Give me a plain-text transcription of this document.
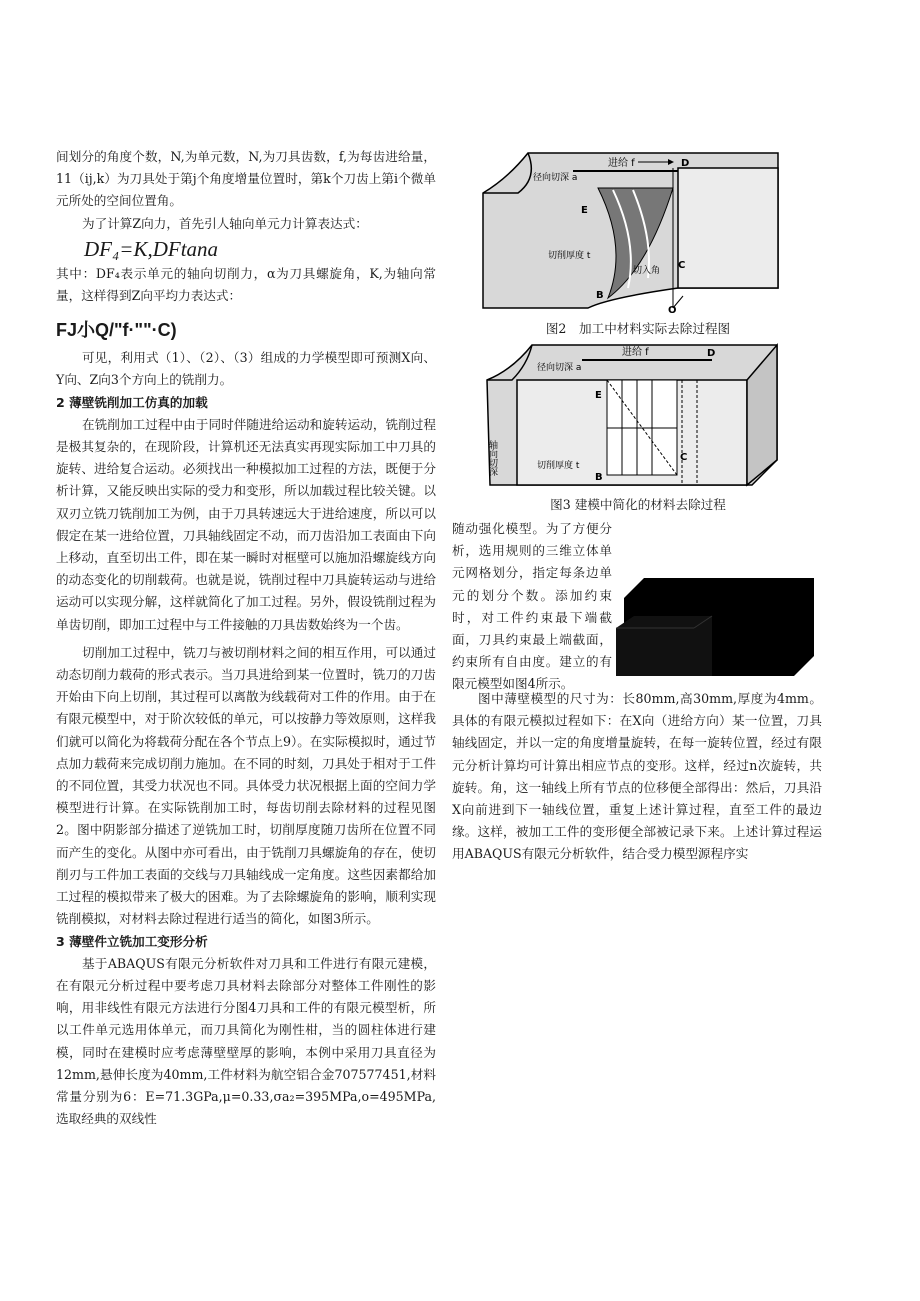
间划分的角度个数，N,为单元数，N,为刀具齿数，f,为每齿进给量，11（ij,k）为刀具处于第j个角度增量位置时，第k个刀齿上第i个微单元所处的空间位置角。

为了计算Z向力，首先引人轴向单元力计算表达式：

DF₄=K,DFtana

其中：DF₄表示单元的轴向切削力，α为刀具螺旋角，K,为轴向常量，这样得到Z向平均力表达式：

FJ小Q/"f·""·C)

可见，利用式（1）、（2）、（3）组成的力学模型即可预测X向、Y向、Z向3个方向上的铣削力。

2 薄壁铣削加工仿真的加载

在铣削加工过程中由于同时伴随进给运动和旋转运动，铣削过程是极其复杂的，在现阶段，计算机还无法真实再现实际加工中刀具的旋转、进给复合运动。必须找出一种模拟加工过程的方法，既便于分析计算，又能反映出实际的受力和变形，所以加载过程比较关键。以双刃立铣刀铣削加工为例，由于刀具转速远大于进给速度，所以可以假定在某一进给位置，刀具轴线固定不动，而刀齿沿加工表面由下向上移动，直至切出工件，即在某一瞬时对框壁可以施加沿螺旋线方向的动态变化的切削载荷。也就是说，铣削过程中刀具旋转运动与进给运动可以实现分解，这样就简化了加工过程。另外，假设铣削过程为单齿切削，即加工过程中与工件接触的刀具齿数始终为一个齿。

切削加工过程中，铣刀与被切削材料之间的相互作用，可以通过动态切削力载荷的形式表示。当刀具进给到某一位置时，铣刀的刀齿开始由下向上切削，其过程可以离散为线载荷对工件的作用。由于在有限元模型中，对于阶次较低的单元，可以按静力等效原则，这样我们就可以简化为将载荷分配在各个节点上9）。在实际模拟时，通过节点加力载荷来完成切削力施加。在不同的时刻，刀具处于相对于工件的不同位置，其受力状况也不同。具体受力状况根据上面的空间力学模型进行计算。在实际铣削加工时，每齿切削去除材料的过程见图2。图中阴影部分描述了逆铣加工时，切削厚度随刀齿所在位置不同而产生的变化。从图中亦可看出，由于铣削刀具螺旋角的存在，使切削刃与工件加工表面的交线与刀具轴线成一定角度。这些因素都给加工过程的模拟带来了极大的困难。为了去除螺旋角的影响，顺利实现铣削模拟，对材料去除过程进行适当的简化，如图3所示。

3 薄壁件立铣加工变形分析

基于ABAQUS有限元分析软件对刀具和工件进行有限元建模，在有限元分析过程中要考虑刀具材料去除部分对整体工件刚性的影响，用非线性有限元方法进行分图4刀具和工件的有限元模型析，所以工件单元选用体单元，而刀具简化为刚性柑，当的圆柱体进行建模，同时在建模时应考虑薄壁壁厚的影响，本例中采用刀具直径为12mm,悬伸长度为40mm,工件材料为航空铝合金707577451,材料常量分别为6：E=71.3GPa,μ=0.33,σa₂=395MPa,o=495MPa,选取经典的双线性

进给 f
径向切深 a
切削厚度 t
切入角
D
E
C
B
O
图2　加工中材料实际去除过程图
进给 f
径向切深 a
轴向切深	切削厚度 t
D
E
C
B
图3 建模中简化的材料去除过程

随动强化模型。为了方便分析，选用规则的三维立体单元网格划分，指定每条边单元的划分个数。添加约束时，对工件约束最下端截面，刀具约束最上端截面，约束所有自由度。建立的有限元模型如图4所示。

图中薄壁模型的尺寸为：长80mm,高30mm,厚度为4mm。具体的有限元模拟过程如下：在X向（进给方向）某一位置，刀具轴线固定，并以一定的角度增量旋转，在每一旋转位置，经过有限元分析计算均可计算出相应节点的变形。这样，经过n次旋转，共旋转。角，这一轴线上所有节点的位移便全部得出：然后，刀具沿X向前进到下一轴线位置，重复上述计算过程，直至工件的最边缘。这样，被加工工件的变形便全部被记录下来。上述计算过程运用ABAQUS有限元分析软件，结合受力模型源程序实
